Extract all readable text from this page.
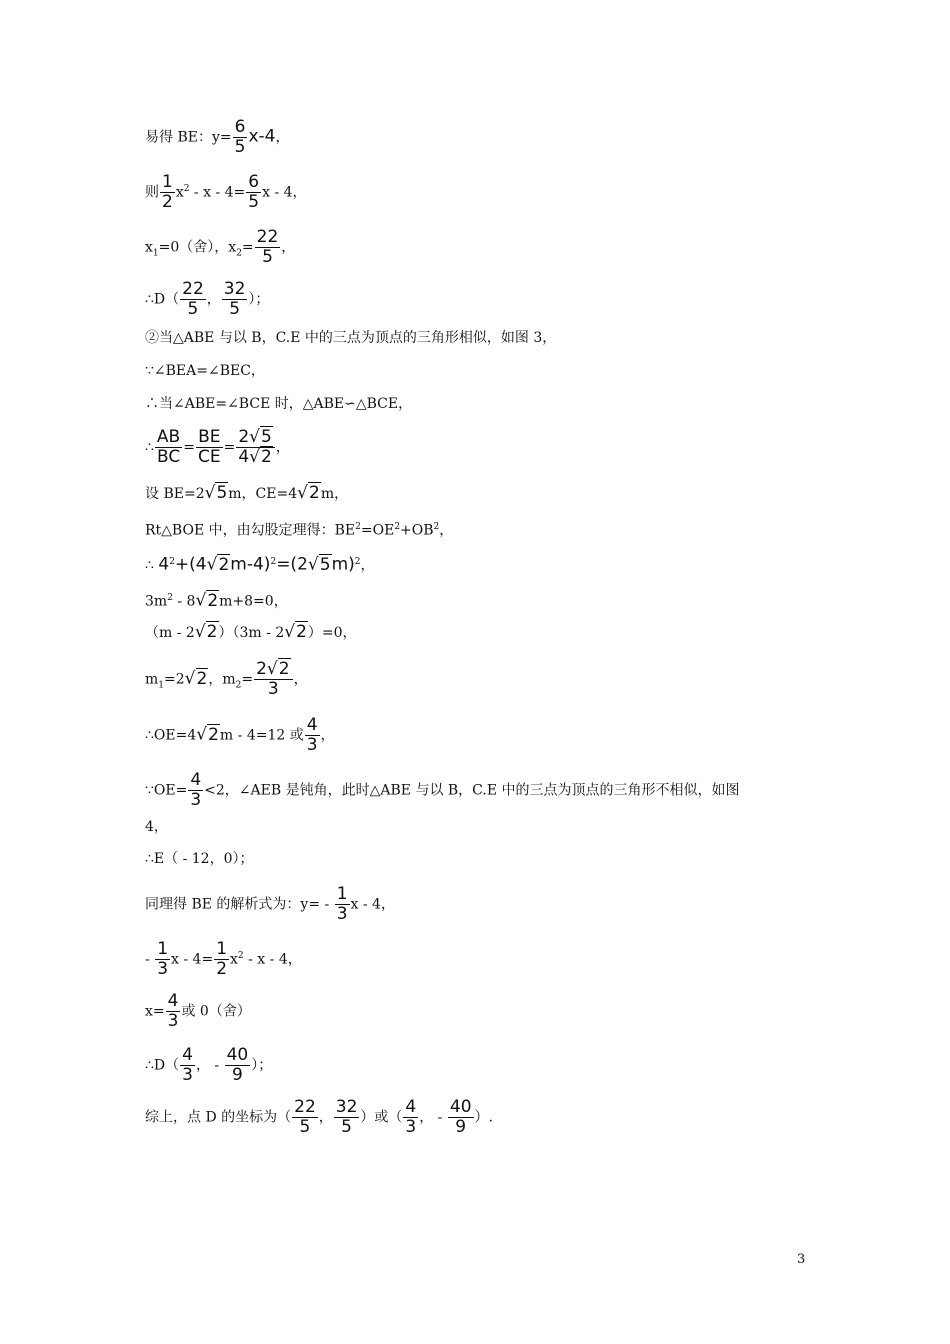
易得 BE：$y= \frac{6}{5} x-4$，
则 $\frac{1}{2} x^2 - x - 4= \frac{6}{5}$ x - 4，
$x_1=0$（舍），$x_2= \frac{22}{5}$ ，
∴D（ $\frac{22}{5}$ ， $\frac{32}{5}$ ）；
②当△ABE 与以 B，C.E 中的三点为顶点的三角形相似，如图 3，
∵∠BEA=∠BEC，
∴当∠ABE=∠BCE 时，△ABE∽△BCE，
∴ $\frac{AB}{BC} = \frac{BE}{CE} = \frac{2√5}{4√2}$ ，
设 BE=2√5m，CE=4√2m，
Rt△BOE 中，由勾股定理得：$BE^2=OE^2+OB^2$，
∴ $4^2+(4√2m-4)^2=(2√5m)^2$，
$3m^2 - 8√2m+8=0$，
（m - 2√2）（3m - 2√2）=0，
$m_1=2√2$，$m_2= \frac{2√2}{3}$ ，
∴OE=4√2m - 4=12 或 $\frac{4}{3}$ ，
∵OE= $\frac{4}{3} <2$，∠AEB 是钝角，此时△ABE 与以 B，C.E 中的三点为顶点的三角形不相似，如图
4，
∴E（ - 12，0）；
同理得 BE 的解析式为：$y= - \frac{1}{3}$ x - 4，
- $\frac{1}{3}$ $x - 4= \frac{1}{2} x^2 - x - 4$，
$x= \frac{4}{3}$ 或 0（舍）
∴D（ $\frac{4}{3}$ ， - $\frac{40}{9}$ ）；
综上，点 D 的坐标为（ $\frac{22}{5}$ ， $\frac{32}{5}$ ）或（ $\frac{4}{3}$ ， - $\frac{40}{9}$ ）.
3
